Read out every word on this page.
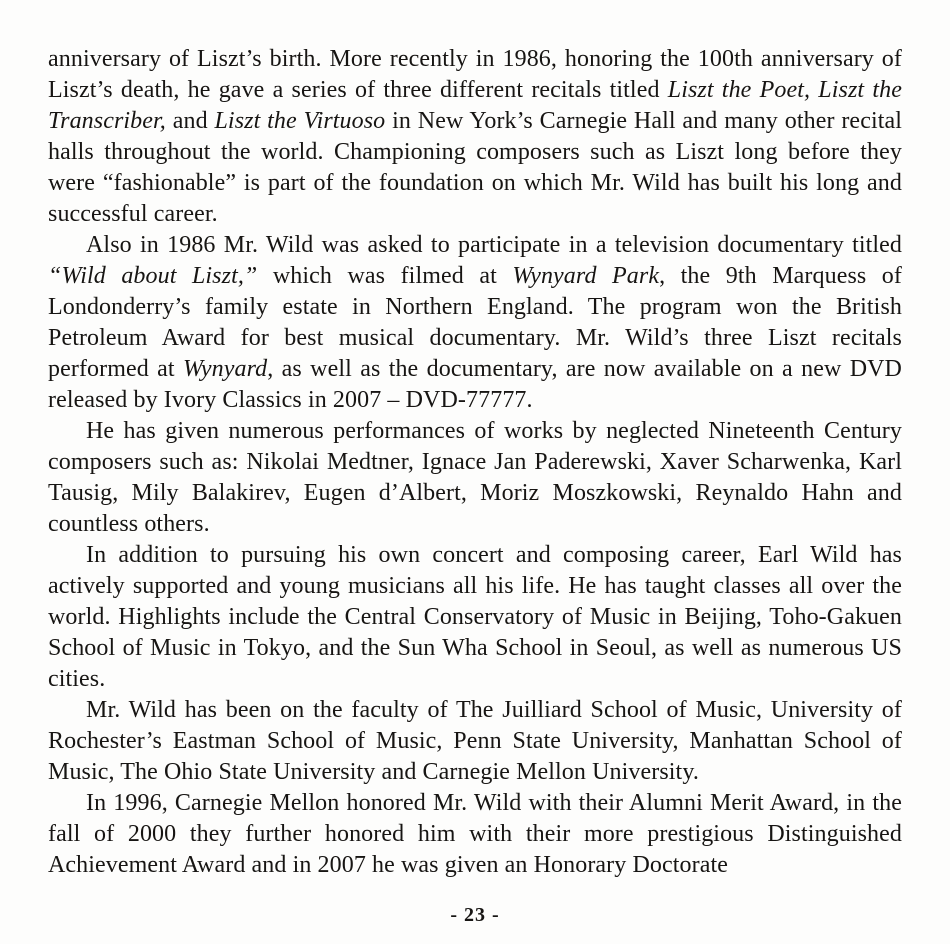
anniversary of Liszt’s birth. More recently in 1986, honoring the 100th anniversary of Liszt’s death, he gave a series of three different recitals titled Liszt the Poet, Liszt the Transcriber, and Liszt the Virtuoso in New York’s Carnegie Hall and many other recital halls throughout the world. Championing composers such as Liszt long before they were “fashionable” is part of the foundation on which Mr. Wild has built his long and successful career.

Also in 1986 Mr. Wild was asked to participate in a television documentary titled “Wild about Liszt,” which was filmed at Wynyard Park, the 9th Marquess of Londonderry’s family estate in Northern England. The program won the British Petroleum Award for best musical documentary. Mr. Wild’s three Liszt recitals performed at Wynyard, as well as the documentary, are now available on a new DVD released by Ivory Classics in 2007 – DVD-77777.

He has given numerous performances of works by neglected Nineteenth Century composers such as: Nikolai Medtner, Ignace Jan Paderewski, Xaver Scharwenka, Karl Tausig, Mily Balakirev, Eugen d’Albert, Moriz Moszkowski, Reynaldo Hahn and countless others.

In addition to pursuing his own concert and composing career, Earl Wild has actively supported and young musicians all his life. He has taught classes all over the world. Highlights include the Central Conservatory of Music in Beijing, Toho-Gakuen School of Music in Tokyo, and the Sun Wha School in Seoul, as well as numerous US cities.

Mr. Wild has been on the faculty of The Juilliard School of Music, University of Rochester’s Eastman School of Music, Penn State University, Manhattan School of Music, The Ohio State University and Carnegie Mellon University.

In 1996, Carnegie Mellon honored Mr. Wild with their Alumni Merit Award, in the fall of 2000 they further honored him with their more prestigious Distinguished Achievement Award and in 2007 he was given an Honorary Doctorate

- 23 -
